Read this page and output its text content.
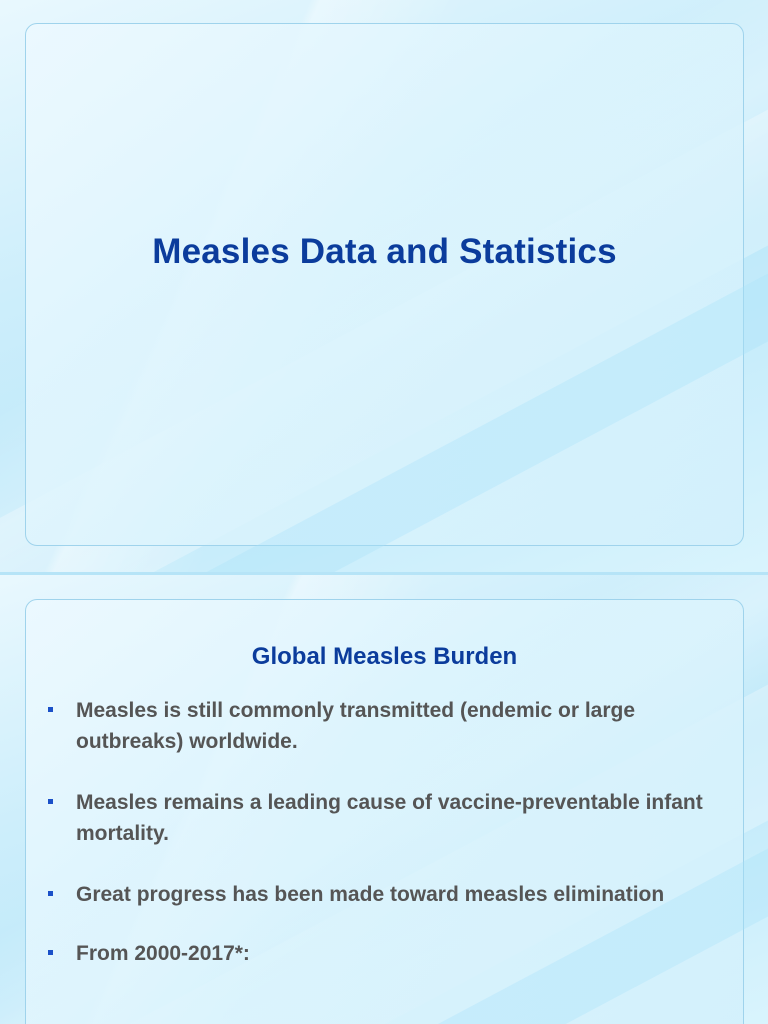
Measles Data and Statistics
Global Measles Burden
Measles is still commonly transmitted (endemic or large outbreaks) worldwide.
Measles remains a leading cause of vaccine-preventable infant mortality.
Great progress has been made toward measles elimination
From 2000-2017*:
